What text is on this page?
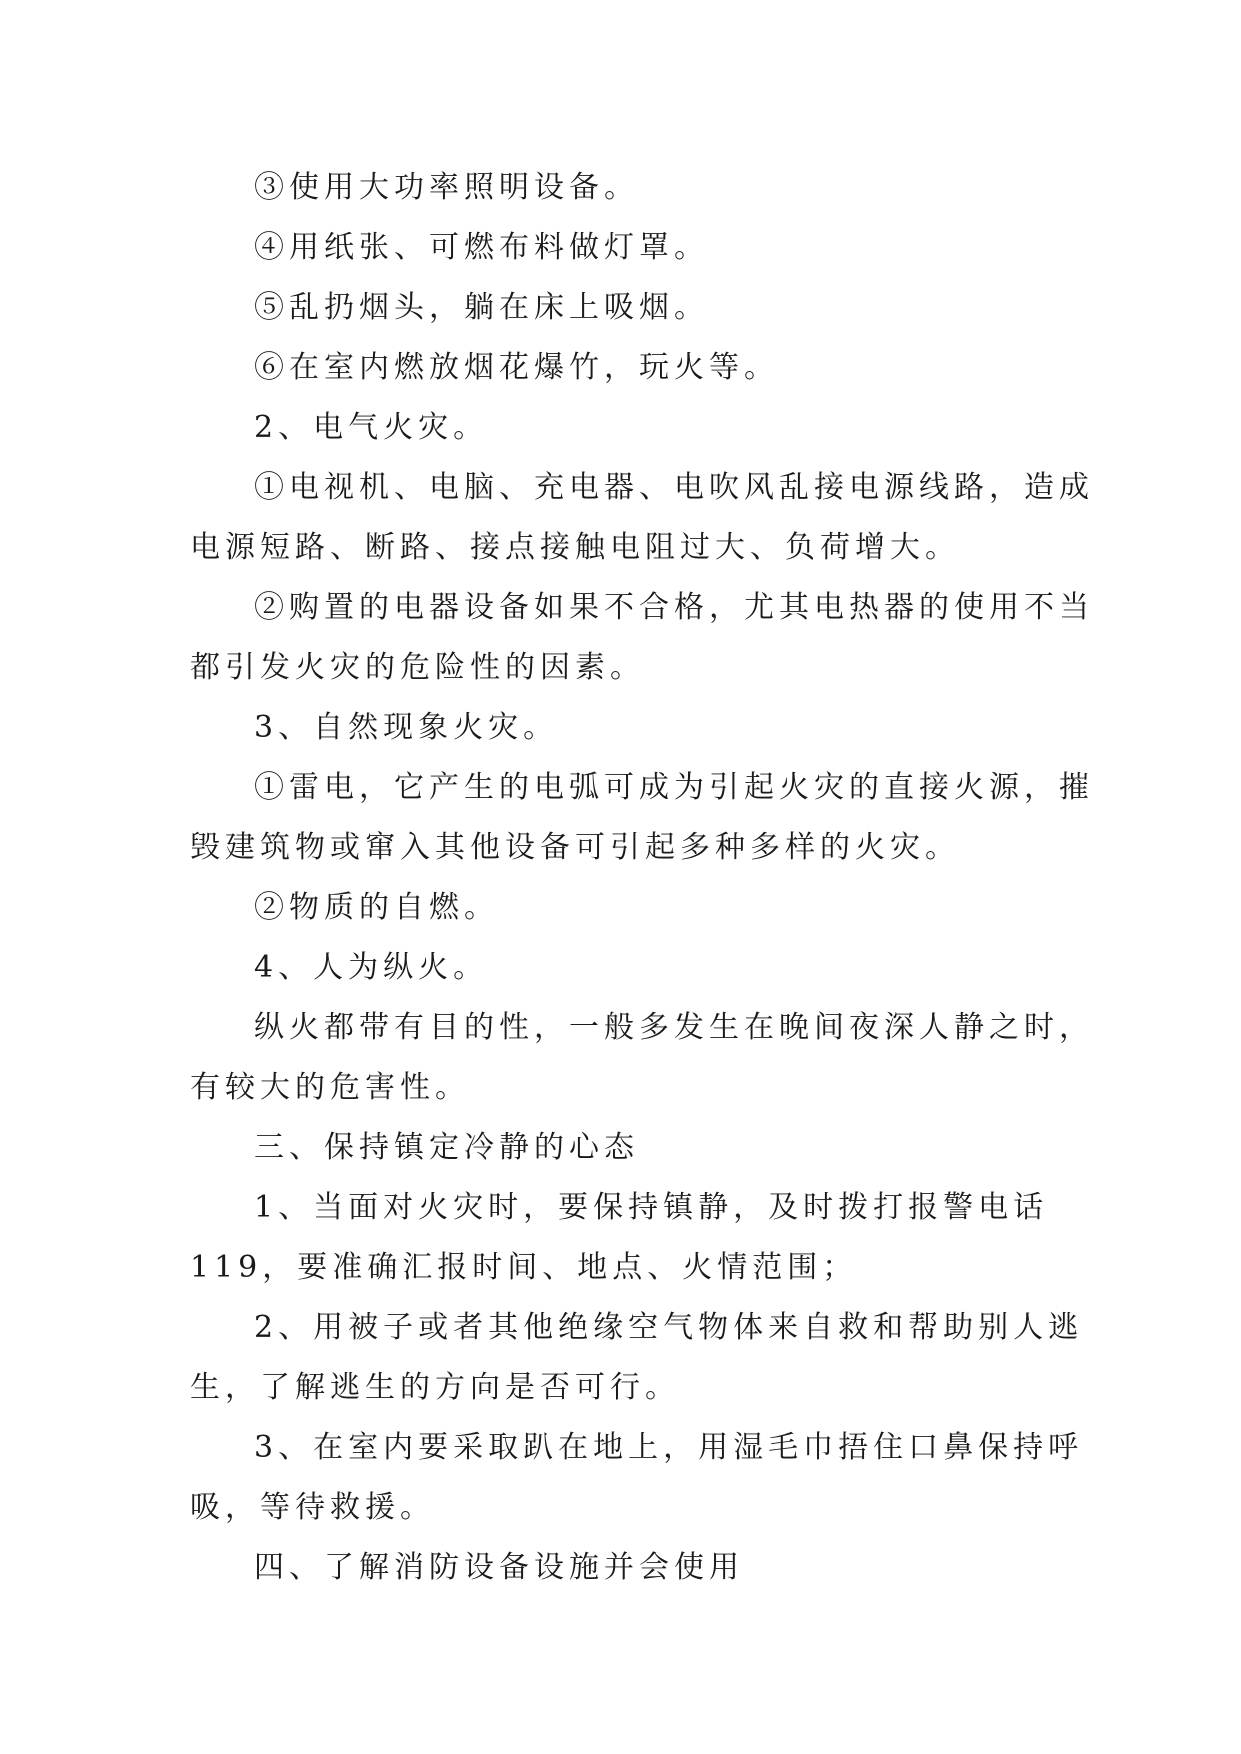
③使用大功率照明设备。

④用纸张、可燃布料做灯罩。

⑤乱扔烟头，躺在床上吸烟。

⑥在室内燃放烟花爆竹，玩火等。

2、电气火灾。

①电视机、电脑、充电器、电吹风乱接电源线路，造成

电源短路、断路、接点接触电阻过大、负荷增大。

②购置的电器设备如果不合格，尤其电热器的使用不当

都引发火灾的危险性的因素。

3、自然现象火灾。

①雷电，它产生的电弧可成为引起火灾的直接火源，摧

毁建筑物或窜入其他设备可引起多种多样的火灾。

②物质的自燃。

4、人为纵火。

纵火都带有目的性，一般多发生在晚间夜深人静之时，

有较大的危害性。

三、保持镇定冷静的心态

1、当面对火灾时，要保持镇静，及时拨打报警电话

119，要准确汇报时间、地点、火情范围；

2、用被子或者其他绝缘空气物体来自救和帮助别人逃

生，了解逃生的方向是否可行。

3、在室内要采取趴在地上，用湿毛巾捂住口鼻保持呼

吸，等待救援。

四、了解消防设备设施并会使用
